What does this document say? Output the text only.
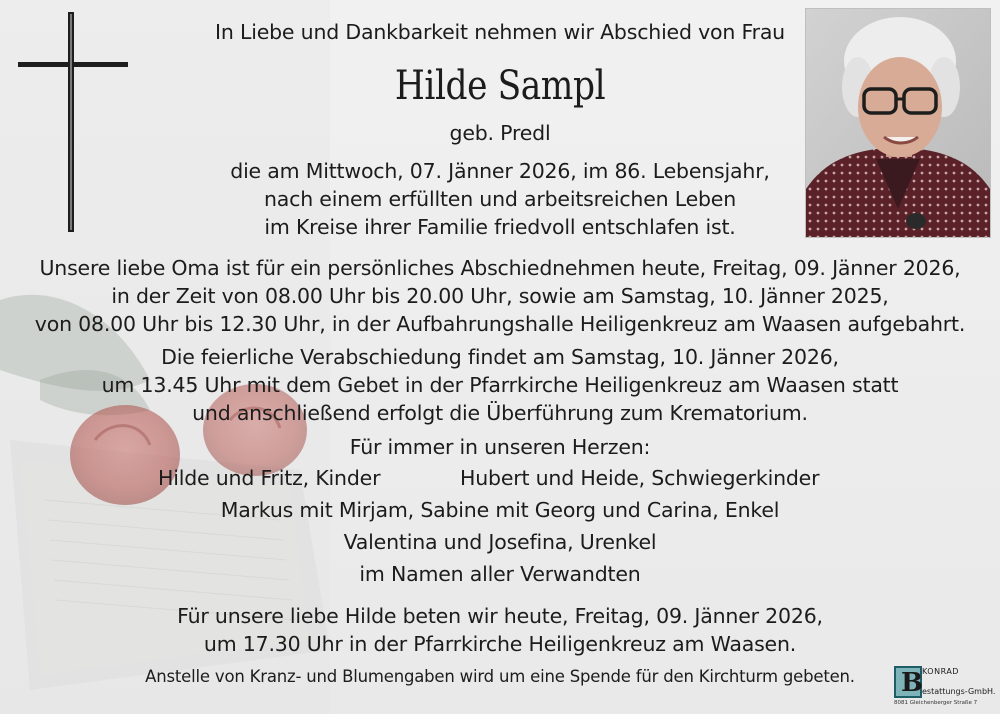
In Liebe und Dankbarkeit nehmen wir Abschied von Frau
Hilde Sampl
geb. Predl
die am Mittwoch, 07. Jänner 2026, im 86. Lebensjahr,
nach einem erfüllten und arbeitsreichen Leben
im Kreise ihrer Familie friedvoll entschlafen ist.
Unsere liebe Oma ist für ein persönliches Abschiednehmen heute, Freitag, 09. Jänner 2026,
in der Zeit von 08.00 Uhr bis 20.00 Uhr, sowie am Samstag, 10. Jänner 2025,
von 08.00 Uhr bis 12.30 Uhr, in der Aufbahrungshalle Heiligenkreuz am Waasen aufgebahrt.
Die feierliche Verabschiedung findet am Samstag, 10. Jänner 2026,
um 13.45 Uhr mit dem Gebet in der Pfarrkirche Heiligenkreuz am Waasen statt
und anschließend erfolgt die Überführung zum Krematorium.
Für immer in unseren Herzen:
Hilde und Fritz, Kinder	Hubert und Heide, Schwiegerkinder
Markus mit Mirjam, Sabine mit Georg und Carina, Enkel
Valentina und Josefina, Urenkel
im Namen aller Verwandten
Für unsere liebe Hilde beten wir heute, Freitag, 09. Jänner 2026,
um 17.30 Uhr in der Pfarrkirche Heiligenkreuz am Waasen.
Anstelle von Kranz- und Blumengaben wird um eine Spende für den Kirchturm gebeten.	B KONRAD
estattungs-GmbH.
8081 Gleichenberger Straße 7
